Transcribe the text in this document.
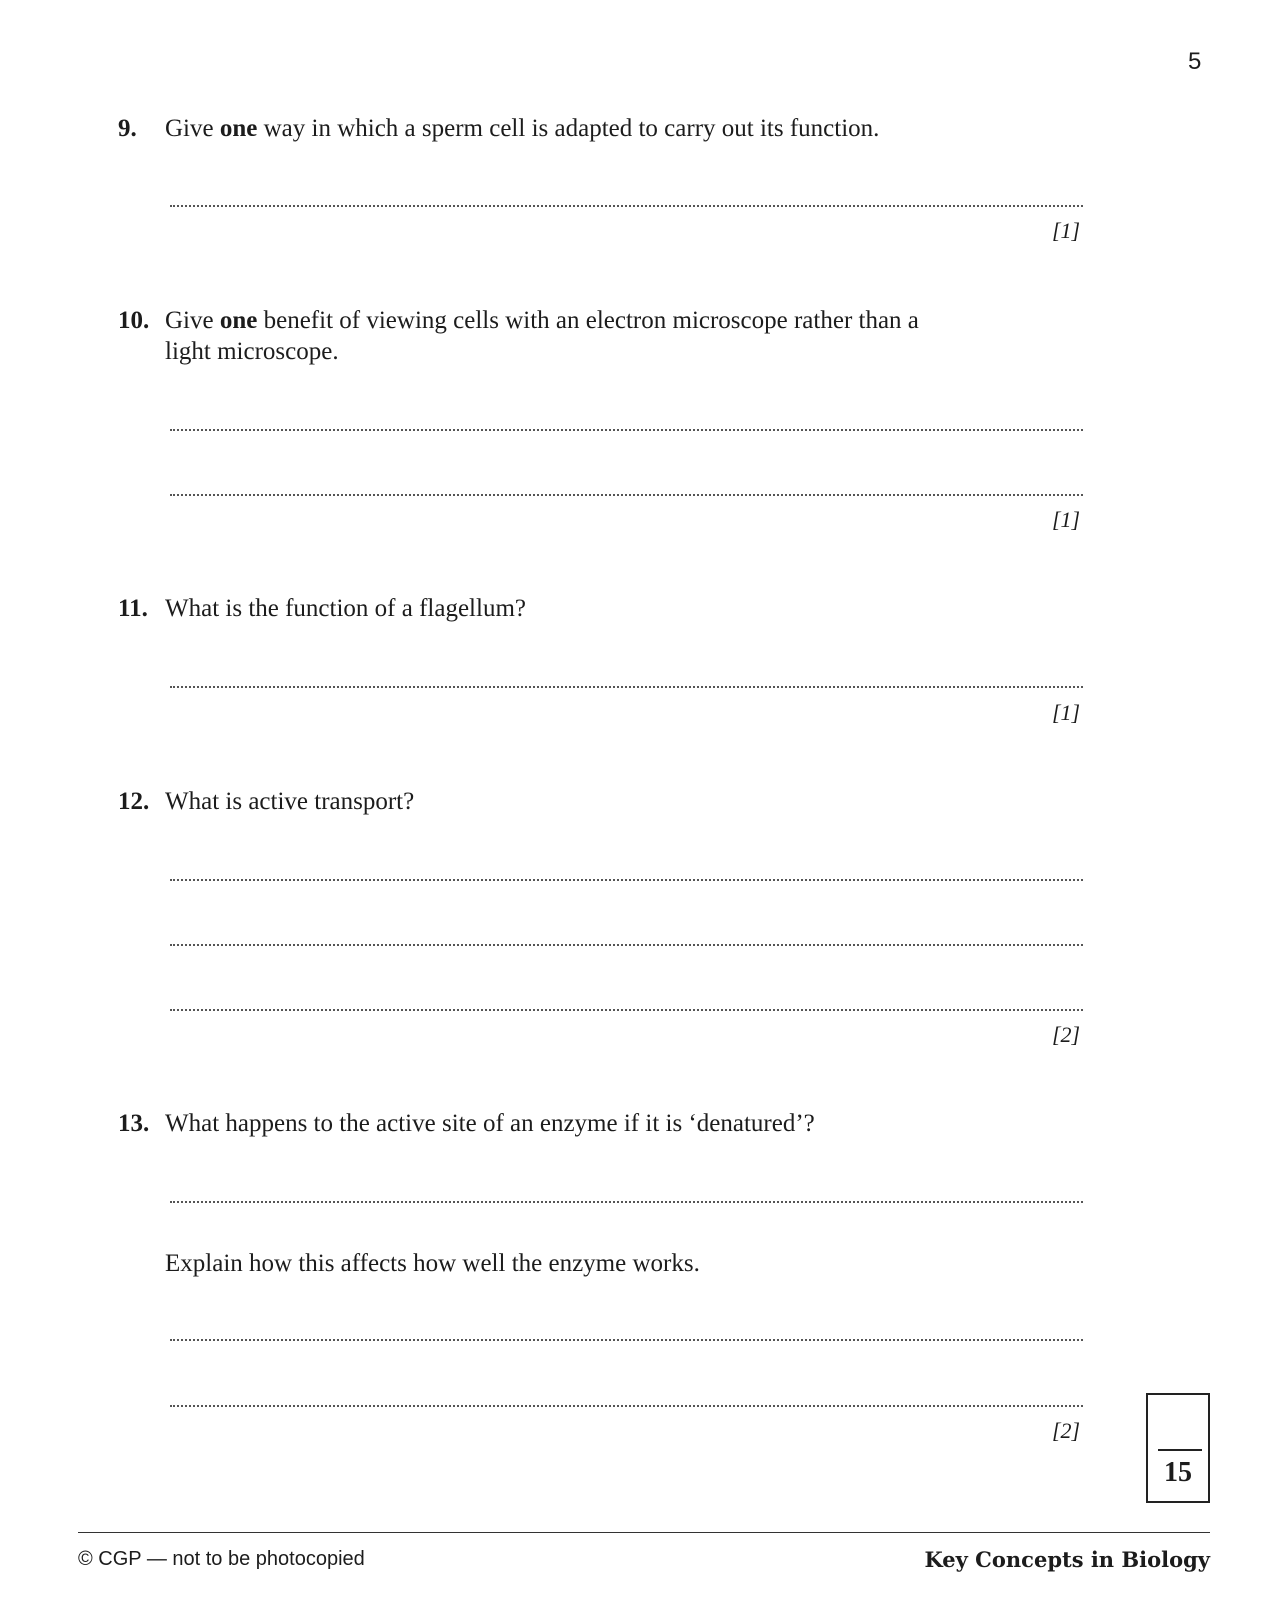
5
9. Give one way in which a sperm cell is adapted to carry out its function.
[1]
10. Give one benefit of viewing cells with an electron microscope rather than a light microscope.
[1]
11. What is the function of a flagellum?
[1]
12. What is active transport?
[2]
13. What happens to the active site of an enzyme if it is ‘denatured’?
Explain how this affects how well the enzyme works.
[2]
15
© CGP — not to be photocopied	Key Concepts in Biology
